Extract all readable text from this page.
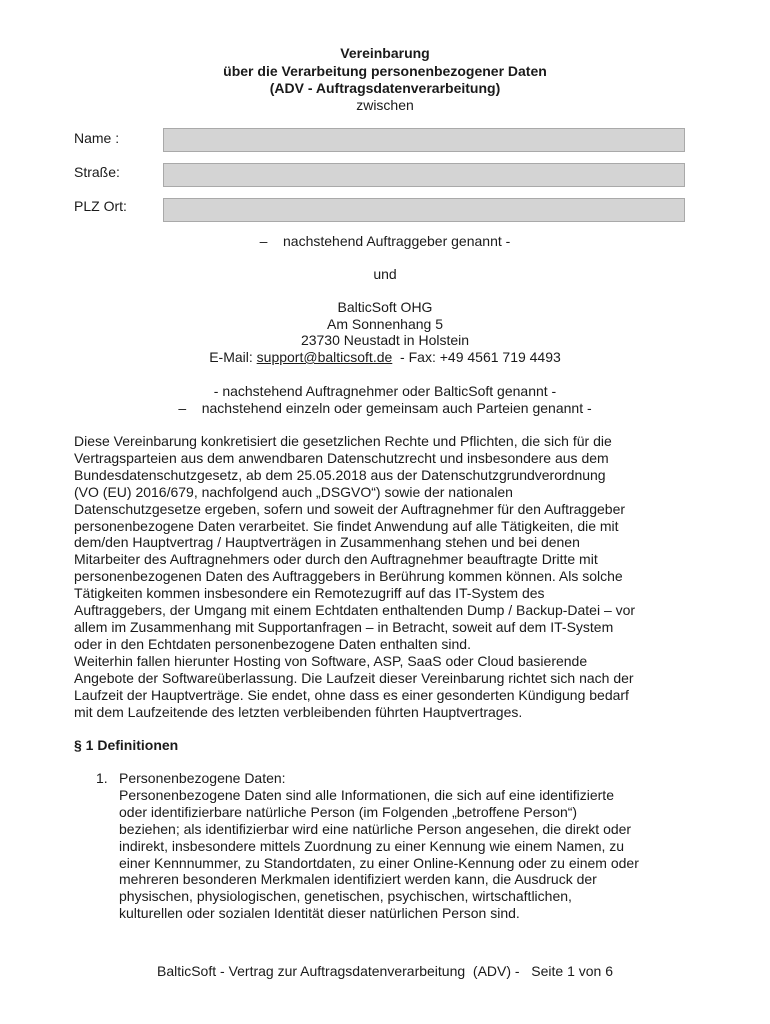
Vereinbarung
über die Verarbeitung personenbezogener Daten
(ADV - Auftragsdatenverarbeitung)
zwischen
Name :
Straße:
PLZ Ort:
–    nachstehend Auftraggeber genannt -
und
BalticSoft OHG
Am Sonnenhang 5
23730 Neustadt in Holstein
E-Mail: support@balticsoft.de  - Fax: +49 4561 719 4493
- nachstehend Auftragnehmer oder BalticSoft genannt -
–    nachstehend einzeln oder gemeinsam auch Parteien genannt -
Diese Vereinbarung konkretisiert die gesetzlichen Rechte und Pflichten, die sich für die
Vertragsparteien aus dem anwendbaren Datenschutzrecht und insbesondere aus dem
Bundesdatenschutzgesetz, ab dem 25.05.2018 aus der Datenschutzgrundverordnung
(VO (EU) 2016/679, nachfolgend auch „DSGVO“) sowie der nationalen
Datenschutzgesetze ergeben, sofern und soweit der Auftragnehmer für den Auftraggeber
personenbezogene Daten verarbeitet. Sie findet Anwendung auf alle Tätigkeiten, die mit
dem/den Hauptvertrag / Hauptverträgen in Zusammenhang stehen und bei denen
Mitarbeiter des Auftragnehmers oder durch den Auftragnehmer beauftragte Dritte mit
personenbezogenen Daten des Auftraggebers in Berührung kommen können. Als solche
Tätigkeiten kommen insbesondere ein Remotezugriff auf das IT-System des
Auftraggebers, der Umgang mit einem Echtdaten enthaltenden Dump / Backup-Datei – vor
allem im Zusammenhang mit Supportanfragen – in Betracht, soweit auf dem IT-System
oder in den Echtdaten personenbezogene Daten enthalten sind.
Weiterhin fallen hierunter Hosting von Software, ASP, SaaS oder Cloud basierende
Angebote der Softwareüberlassung. Die Laufzeit dieser Vereinbarung richtet sich nach der
Laufzeit der Hauptverträge. Sie endet, ohne dass es einer gesonderten Kündigung bedarf
mit dem Laufzeitende des letzten verbleibenden führten Hauptvertrages.
§ 1 Definitionen
1. Personenbezogene Daten:
Personenbezogene Daten sind alle Informationen, die sich auf eine identifizierte
oder identifizierbare natürliche Person (im Folgenden „betroffene Person“)
beziehen; als identifizierbar wird eine natürliche Person angesehen, die direkt oder
indirekt, insbesondere mittels Zuordnung zu einer Kennung wie einem Namen, zu
einer Kennnummer, zu Standortdaten, zu einer Online-Kennung oder zu einem oder
mehreren besonderen Merkmalen identifiziert werden kann, die Ausdruck der
physischen, physiologischen, genetischen, psychischen, wirtschaftlichen,
kulturellen oder sozialen Identität dieser natürlichen Person sind.
BalticSoft - Vertrag zur Auftragsdatenverarbeitung  (ADV) -   Seite 1 von 6
